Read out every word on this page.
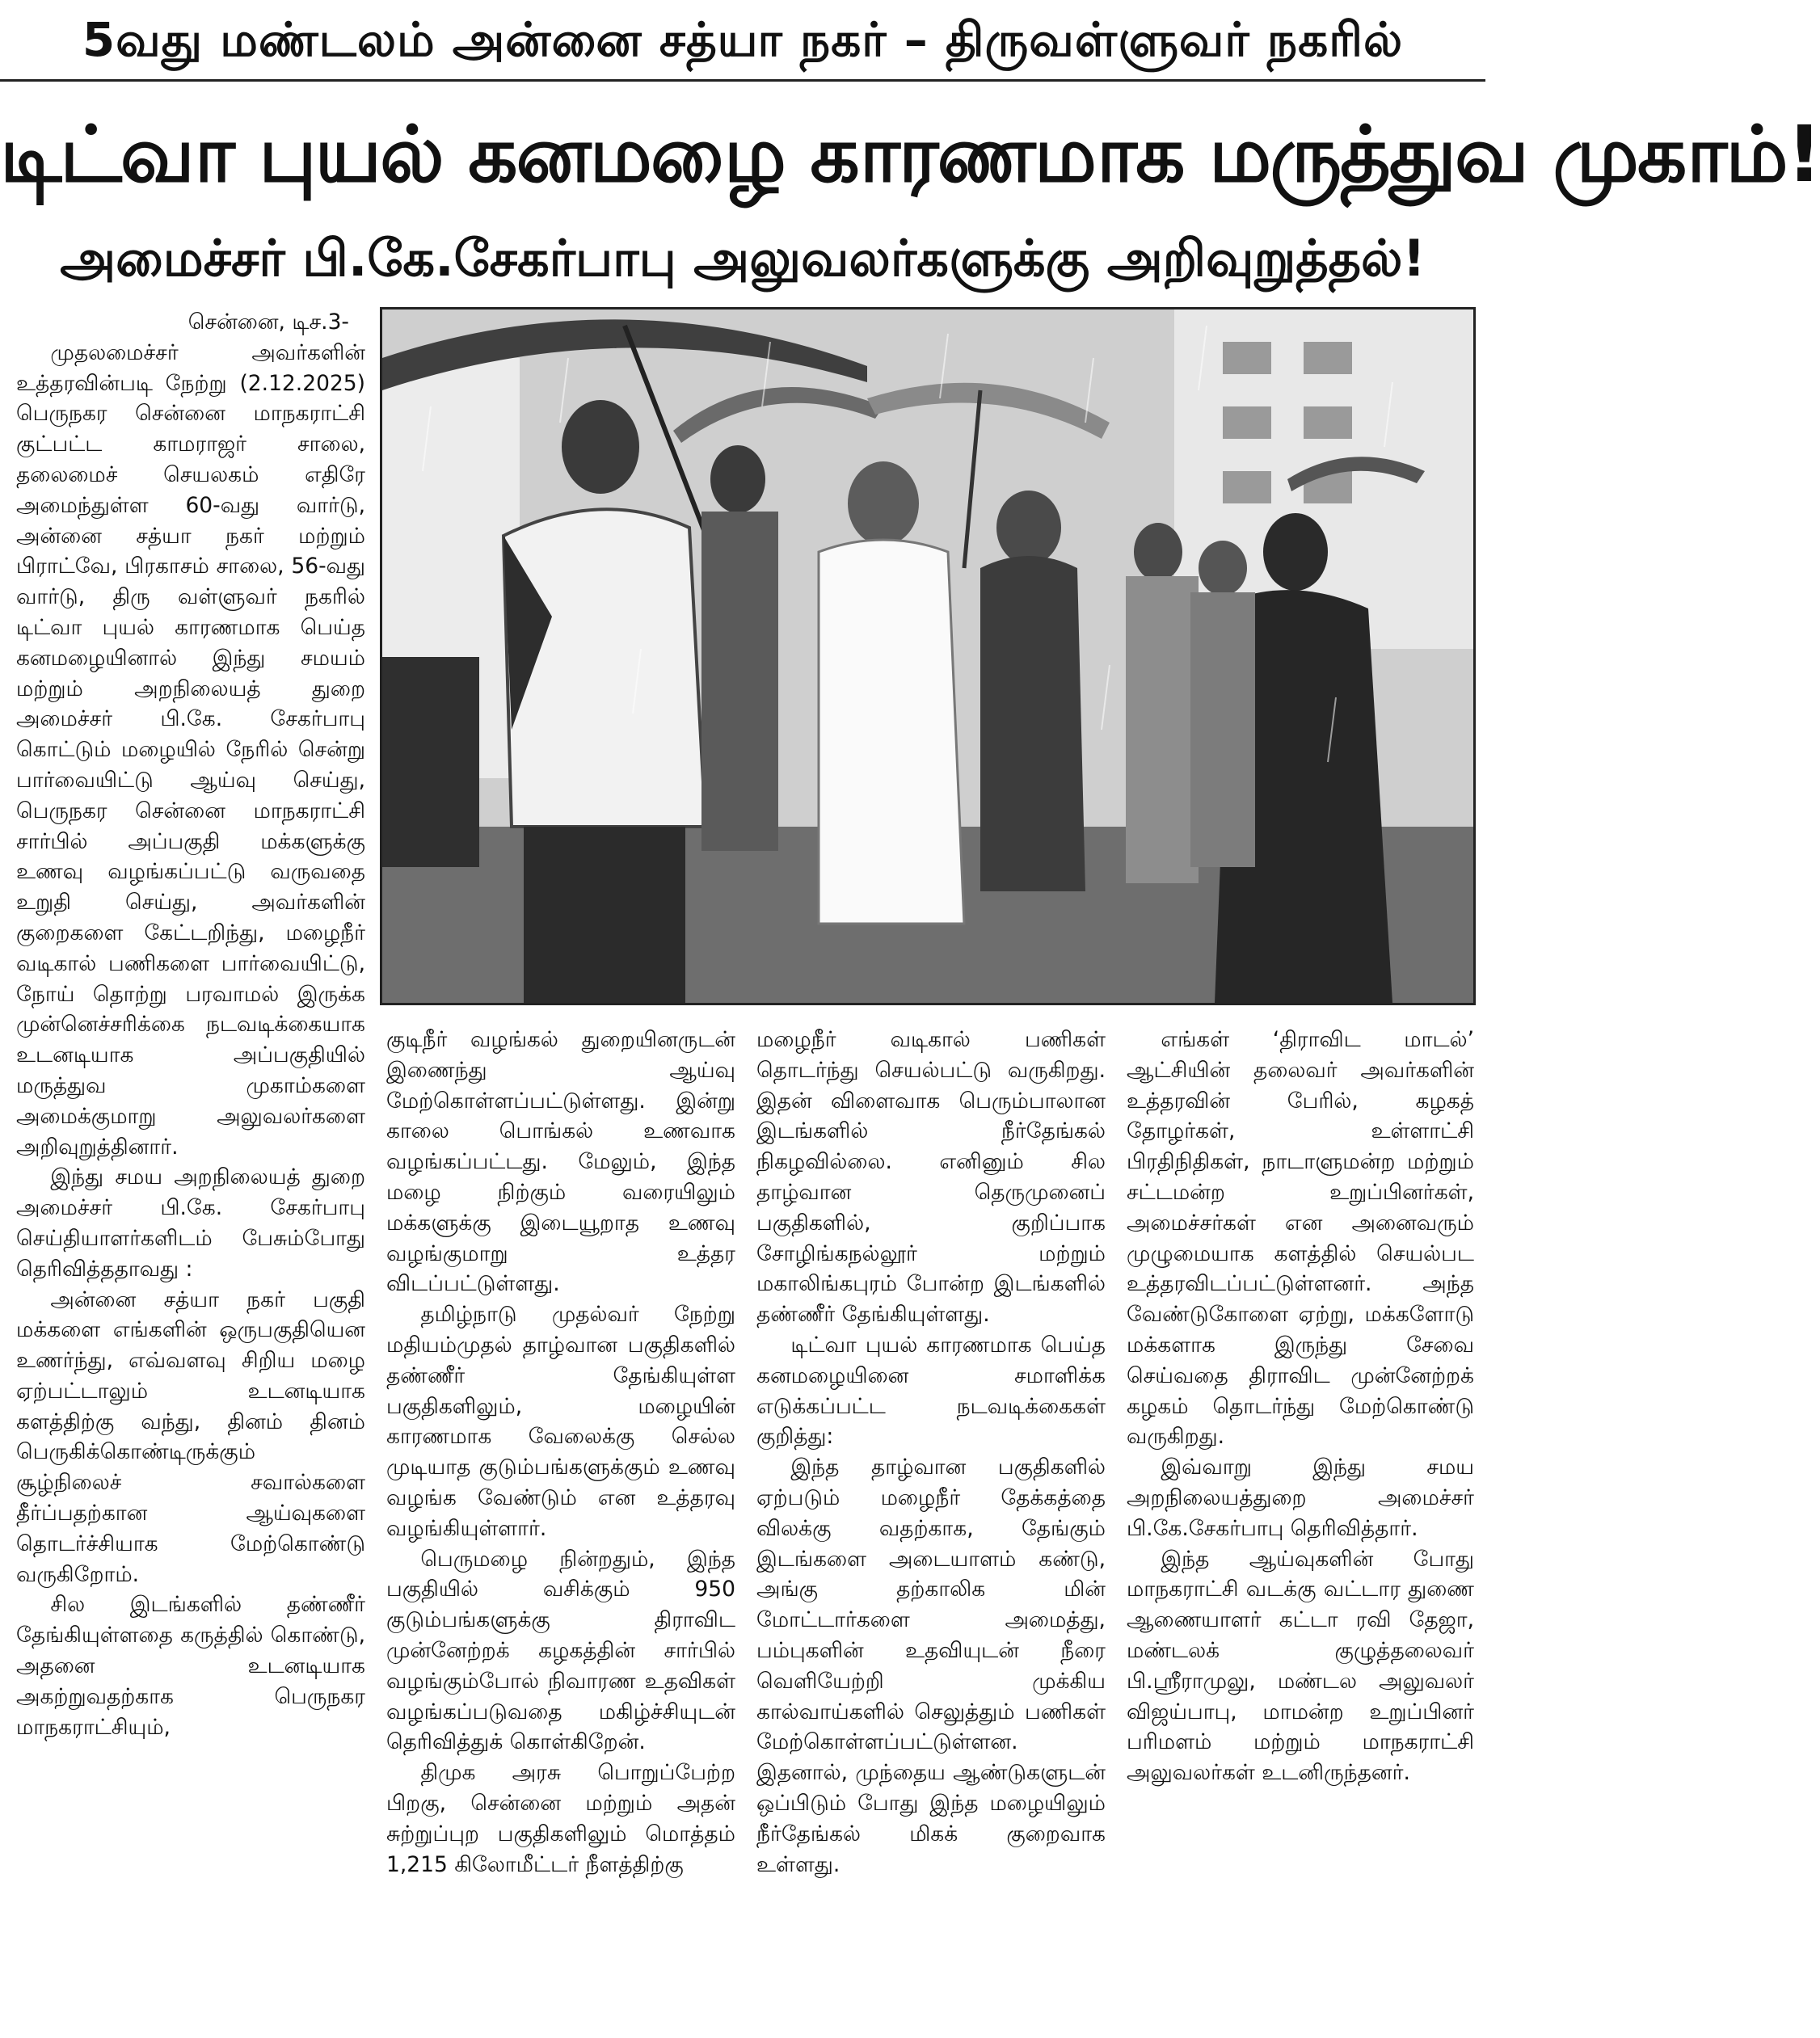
5வது மண்டலம் அன்னை சத்யா நகர் – திருவள்ளுவர் நகரில்
டிட்வா புயல் கனமழை காரணமாக மருத்துவ முகாம்!
அமைச்சர் பி.கே.சேகர்பாபு அலுவலர்களுக்கு அறிவுறுத்தல்!

சென்னை, டிச.3-

முதலமைச்சர் அவர்களின் உத்தரவின்படி நேற்று (2.12.2025) பெருநகர சென்னை மாநகராட்சி குட்பட்ட காமராஜர் சாலை, தலைமைச் செயலகம் எதிரே அமைந்துள்ள 60-வது வார்டு, அன்னை சத்யா நகர் மற்றும் பிராட்வே, பிரகாசம் சாலை, 56-வது வார்டு, திரு வள்ளுவர் நகரில் டிட்வா புயல் காரணமாக பெய்த கனமழையினால் இந்து சமயம் மற்றும் அறநிலையத் துறை அமைச்சர் பி.கே. சேகர்பாபு கொட்டும் மழையில் நேரில் சென்று பார்வையிட்டு ஆய்வு செய்து, பெருநகர சென்னை மாநகராட்சி சார்பில் அப்பகுதி மக்களுக்கு உணவு வழங்கப்பட்டு வருவதை உறுதி செய்து, அவர்களின் குறைகளை கேட்டறிந்து, மழைநீர் வடிகால் பணிகளை பார்வையிட்டு, நோய் தொற்று பரவாமல் இருக்க முன்னெச்சரிக்கை நடவடிக்கையாக உடனடியாக அப்பகுதியில் மருத்துவ முகாம்களை அமைக்குமாறு அலுவலர்களை அறிவுறுத்தினார்.

இந்து சமய அறநிலையத் துறை அமைச்சர் பி.கே. சேகர்பாபு செய்தியாளர்களிடம் பேசும்போது தெரிவித்ததாவது :

அன்னை சத்யா நகர் பகுதி மக்களை எங்களின் ஒருபகுதியென உணர்ந்து, எவ்வளவு சிறிய மழை ஏற்பட்டாலும் உடனடியாக களத்திற்கு வந்து, தினம் தினம் பெருகிக்கொண்டிருக்கும் சூழ்நிலைச் சவால்களை தீர்ப்பதற்கான ஆய்வுகளை தொடர்ச்சியாக மேற்கொண்டு வருகிறோம்.

சில இடங்களில் தண்ணீர் தேங்கியுள்ளதை கருத்தில் கொண்டு, அதனை உடனடியாக அகற்றுவதற்காக பெருநகர மாநகராட்சியும்,

குடிநீர் வழங்கல் துறையினருடன் இணைந்து ஆய்வு மேற்கொள்ளப்பட்டுள்ளது. இன்று காலை பொங்கல் உணவாக வழங்கப்பட்டது. மேலும், இந்த மழை நிற்கும் வரையிலும் மக்களுக்கு இடையூறாத உணவு வழங்குமாறு உத்தர விடப்பட்டுள்ளது.

தமிழ்நாடு முதல்வர் நேற்று மதியம்முதல் தாழ்வான பகுதிகளில் தண்ணீர் தேங்கியுள்ள பகுதிகளிலும், மழையின் காரணமாக வேலைக்கு செல்ல முடியாத குடும்பங்களுக்கும் உணவு வழங்க வேண்டும் என உத்தரவு வழங்கியுள்ளார்.

பெருமழை நின்றதும், இந்த பகுதியில் வசிக்கும் 950 குடும்பங்களுக்கு திராவிட முன்னேற்றக் கழகத்தின் சார்பில் வழங்கும்போல் நிவாரண உதவிகள் வழங்கப்படுவதை மகிழ்ச்சியுடன் தெரிவித்துக் கொள்கிறேன்.

திமுக அரசு பொறுப்பேற்ற பிறகு, சென்னை மற்றும் அதன் சுற்றுப்புற பகுதிகளிலும் மொத்தம் 1,215 கிலோமீட்டர் நீளத்திற்கு

மழைநீர் வடிகால் பணிகள் தொடர்ந்து செயல்பட்டு வருகிறது. இதன் விளைவாக பெரும்பாலான இடங்களில் நீர்தேங்கல் நிகழவில்லை. எனினும் சில தாழ்வான தெருமுனைப் பகுதிகளில், குறிப்பாக சோழிங்கநல்லூர் மற்றும் மகாலிங்கபுரம் போன்ற இடங்களில் தண்ணீர் தேங்கியுள்ளது.

டிட்வா புயல் காரணமாக பெய்த கனமழையினை சமாளிக்க எடுக்கப்பட்ட நடவடிக்கைகள் குறித்து:

இந்த தாழ்வான பகுதிகளில் ஏற்படும் மழைநீர் தேக்கத்தை விலக்கு வதற்காக, தேங்கும் இடங்களை அடையாளம் கண்டு, அங்கு தற்காலிக மின் மோட்டார்களை அமைத்து, பம்புகளின் உதவியுடன் நீரை வெளியேற்றி முக்கிய கால்வாய்களில் செலுத்தும் பணிகள் மேற்கொள்ளப்பட்டுள்ளன. இதனால், முந்தைய ஆண்டுகளுடன் ஒப்பிடும் போது இந்த மழையிலும் நீர்தேங்கல் மிகக் குறைவாக உள்ளது.

எங்கள் ‘திராவிட மாடல்’ ஆட்சியின் தலைவர் அவர்களின் உத்தரவின் பேரில், கழகத் தோழர்கள், உள்ளாட்சி பிரதிநிதிகள், நாடாளுமன்ற மற்றும் சட்டமன்ற உறுப்பினர்கள், அமைச்சர்கள் என அனைவரும் முழுமையாக களத்தில் செயல்பட உத்தரவிடப்பட்டுள்ளனர். அந்த வேண்டுகோளை ஏற்று, மக்களோடு மக்களாக இருந்து சேவை செய்வதை திராவிட முன்னேற்றக் கழகம் தொடர்ந்து மேற்கொண்டு வருகிறது.

இவ்வாறு இந்து சமய அறநிலையத்துறை அமைச்சர் பி.கே.சேகர்பாபு தெரிவித்தார்.

இந்த ஆய்வுகளின் போது மாநகராட்சி வடக்கு வட்டார துணை ஆணையாளர் கட்டா ரவி தேஜா, மண்டலக் குழுத்தலைவர் பி.ஸ்ரீராமுலு, மண்டல அலுவலர் விஜய்பாபு, மாமன்ற உறுப்பினர் பரிமளம் மற்றும் மாநகராட்சி அலுவலர்கள் உடனிருந்தனர்.
